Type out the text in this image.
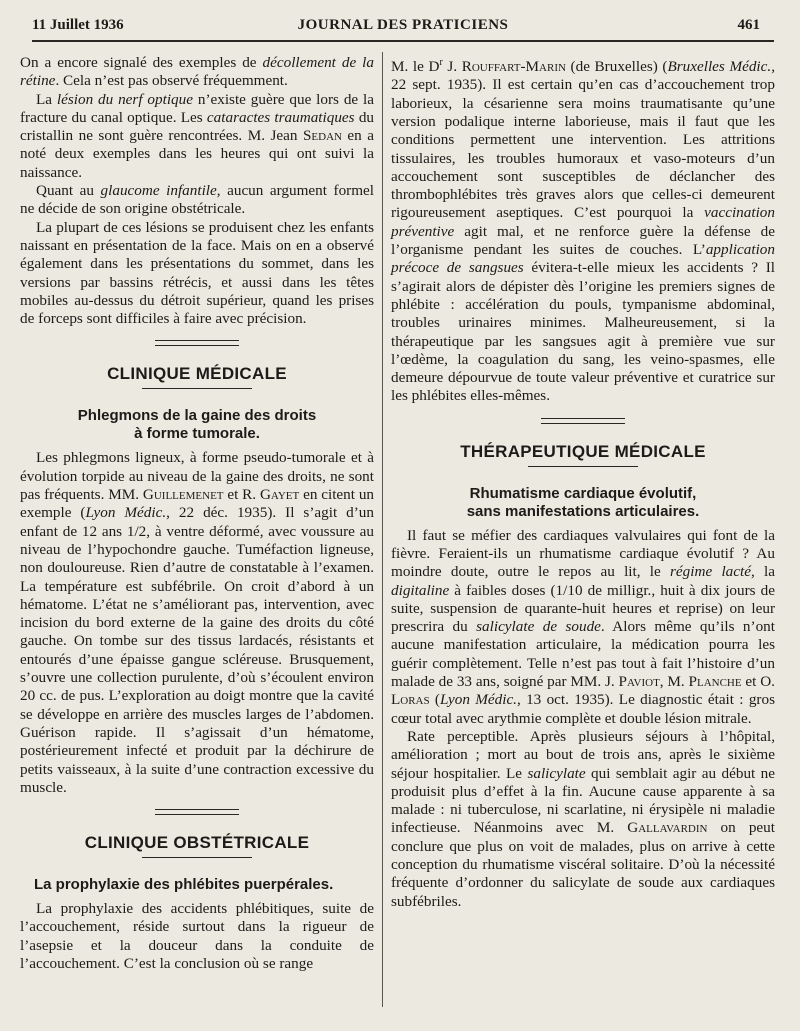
11 Juillet 1936	JOURNAL DES PRATICIENS	461

On a encore signalé des exemples de décollement de la rétine. Cela n’est pas observé fréquemment.

La lésion du nerf optique n’existe guère que lors de la fracture du canal optique. Les cataractes traumatiques du cristallin ne sont guère rencontrées. M. Jean Sedan en a noté deux exemples dans les heures qui ont suivi la naissance.

Quant au glaucome infantile, aucun argument formel ne décide de son origine obstétricale.

La plupart de ces lésions se produisent chez les enfants naissant en présentation de la face. Mais on en a observé également dans les présentations du sommet, dans les versions par bassins rétrécis, et aussi dans les têtes mobiles au-dessus du détroit supérieur, quand les prises de forceps sont difficiles à faire avec précision.

CLINIQUE MÉDICALE
Phlegmons de la gaine des droits
à forme tumorale.

Les phlegmons ligneux, à forme pseudo-tumorale et à évolution torpide au niveau de la gaine des droits, ne sont pas fréquents. MM. Guillemenet et R. Gayet en citent un exemple (Lyon Médic., 22 déc. 1935). Il s’agit d’un enfant de 12 ans 1/2, à ventre déformé, avec voussure au niveau de l’hypochondre gauche. Tuméfaction ligneuse, non douloureuse. Rien d’autre de constatable à l’examen. La température est subfébrile. On croit d’abord à un hématome. L’état ne s’améliorant pas, intervention, avec incision du bord externe de la gaine des droits du côté gauche. On tombe sur des tissus lardacés, résistants et entourés d’une épaisse gangue scléreuse. Brusquement, s’ouvre une collection purulente, d’où s’écoulent environ 20 cc. de pus. L’exploration au doigt montre que la cavité se développe en arrière des muscles larges de l’abdomen. Guérison rapide. Il s’agissait d’un hématome, postérieurement infecté et produit par la déchirure de petits vaisseaux, à la suite d’une contraction excessive du muscle.

CLINIQUE OBSTÉTRICALE
La prophylaxie des phlébites puerpérales.

La prophylaxie des accidents phlébitiques, suite de l’accouchement, réside surtout dans la rigueur de l’asepsie et la douceur dans la conduite de l’accouchement. C’est la conclusion où se range

M. le $D^r$ J. Rouffart-Marin (de Bruxelles) (Bruxelles Médic., 22 sept. 1935). Il est certain qu’en cas d’accouchement trop laborieux, la césarienne sera moins traumatisante qu’une version podalique interne laborieuse, mais il faut que les conditions permettent une intervention. Les attritions tissulaires, les troubles humoraux et vaso-moteurs d’un accouchement sont susceptibles de déclancher des thrombophlébites très graves alors que celles-ci demeurent rigoureusement aseptiques. C’est pourquoi la vaccination préventive agit mal, et ne renforce guère la défense de l’organisme pendant les suites de couches. L’application précoce de sangsues évitera-t-elle mieux les accidents ? Il s’agirait alors de dépister dès l’origine les premiers signes de phlébite : accélération du pouls, tympanisme abdominal, troubles urinaires minimes. Malheureusement, si la thérapeutique par les sangsues agit à première vue sur l’œdème, la coagulation du sang, les veino-spasmes, elle demeure dépourvue de toute valeur préventive et curatrice sur les phlébites elles-mêmes.

THÉRAPEUTIQUE MÉDICALE
Rhumatisme cardiaque évolutif,
sans manifestations articulaires.

Il faut se méfier des cardiaques valvulaires qui font de la fièvre. Feraient-ils un rhumatisme cardiaque évolutif ? Au moindre doute, outre le repos au lit, le régime lacté, la digitaline à faibles doses (1/10 de milligr., huit à dix jours de suite, suspension de quarante-huit heures et reprise) on leur prescrira du salicylate de soude. Alors même qu’ils n’ont aucune manifestation articulaire, la médication pourra les guérir complètement. Telle n’est pas tout à fait l’histoire d’un malade de 33 ans, soigné par MM. J. Paviot, M. Planche et O. Loras (Lyon Médic., 13 oct. 1935). Le diagnostic était : gros cœur total avec arythmie complète et double lésion mitrale.

Rate perceptible. Après plusieurs séjours à l’hôpital, amélioration ; mort au bout de trois ans, après le sixième séjour hospitalier. Le salicylate qui semblait agir au début ne produisit plus d’effet à la fin. Aucune cause apparente à sa malade : ni tuberculose, ni scarlatine, ni érysipèle ni maladie infectieuse. Néanmoins avec M. Gallavardin on peut conclure que plus on voit de malades, plus on arrive à cette conception du rhumatisme viscéral solitaire. D’où la nécessité fréquente d’ordonner du salicylate de soude aux cardiaques subfébriles.
